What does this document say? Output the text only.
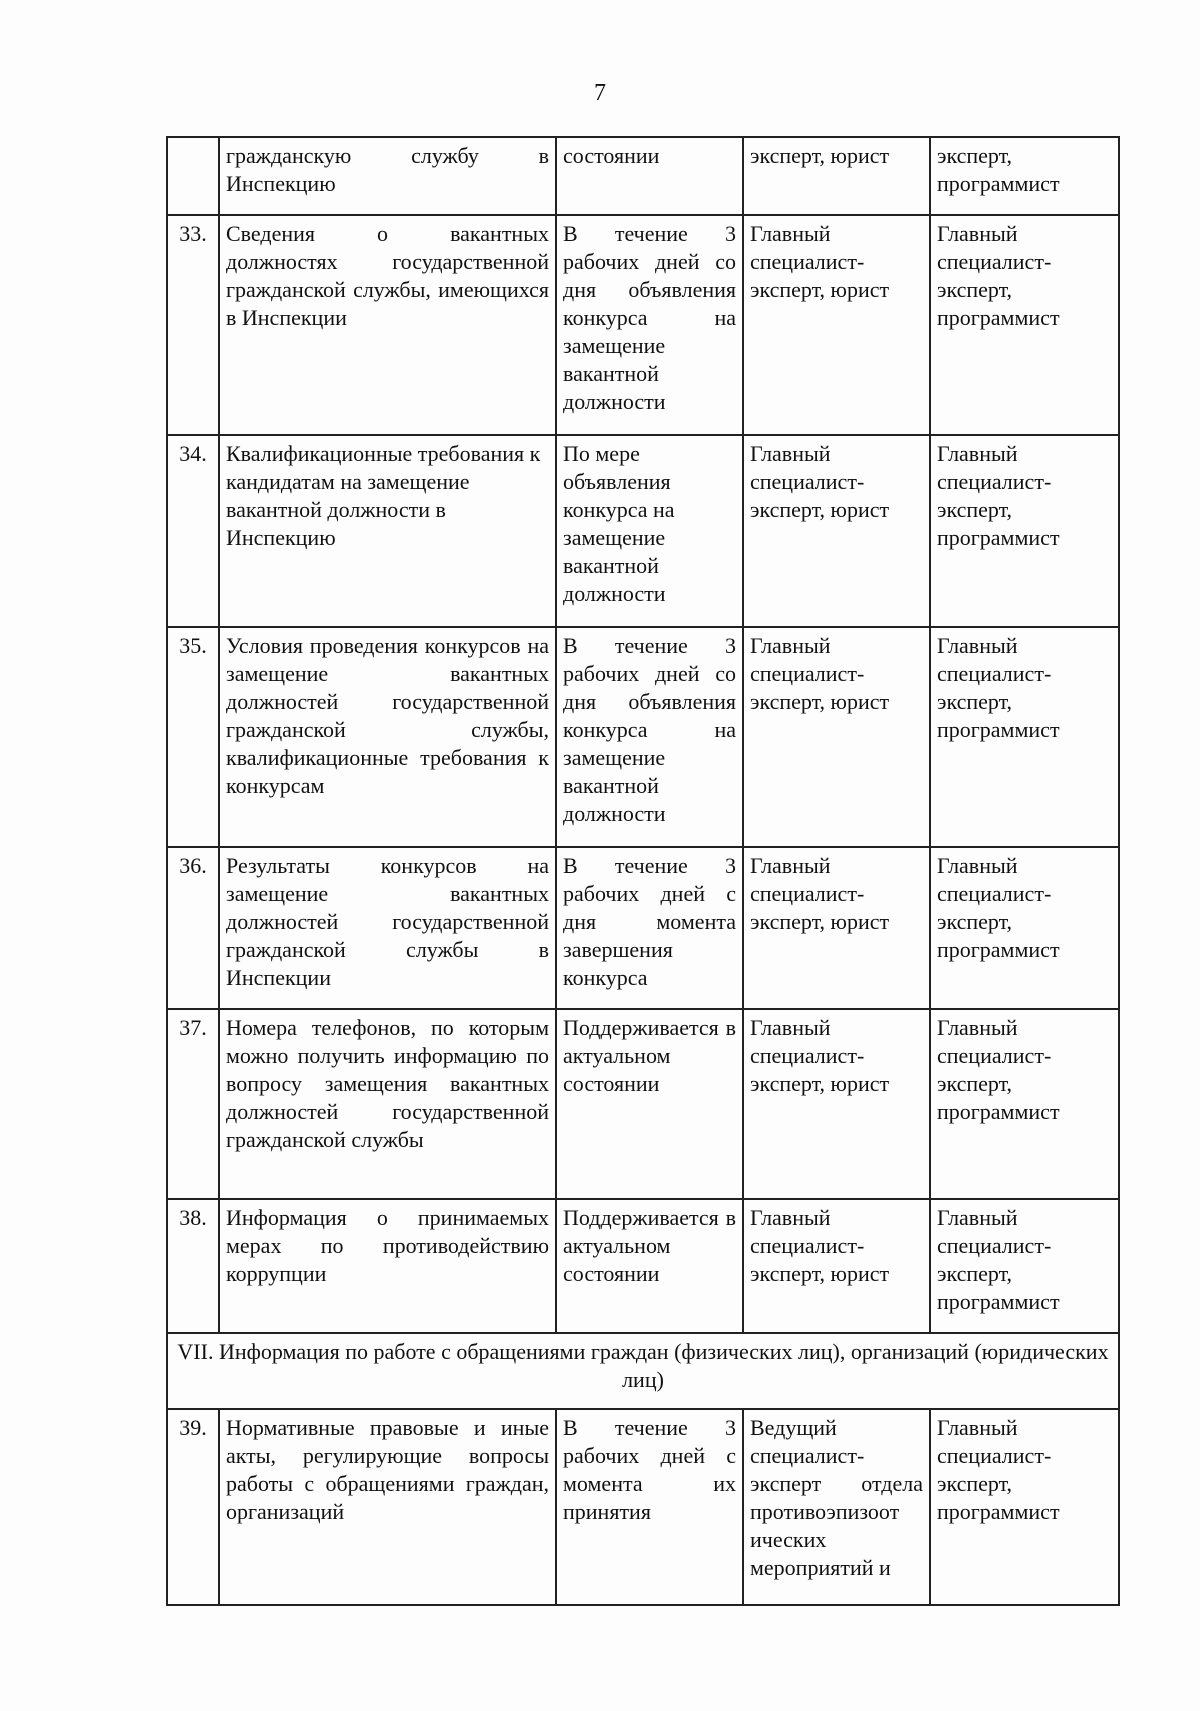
7
	гражданскую службу в Инспекцию	состоянии	эксперт, юрист	эксперт, программист
33.	Сведения о вакантных должностях государственной гражданской службы, имеющихся в Инспекции	В течение 3 рабочих дней со дня объявления конкурса на замещение вакантной должности	Главный специалист-эксперт, юрист	Главный специалист-эксперт, программист
34.	Квалификационные требования к кандидатам на замещение вакантной должности в Инспекцию	По мере объявления конкурса на замещение вакантной должности	Главный специалист-эксперт, юрист	Главный специалист-эксперт, программист
35.	Условия проведения конкурсов на замещение вакантных должностей государственной гражданской службы, квалификационные требования к конкурсам	В течение 3 рабочих дней со дня объявления конкурса на замещение вакантной должности	Главный специалист-эксперт, юрист	Главный специалист-эксперт, программист
36.	Результаты конкурсов на замещение вакантных должностей государственной гражданской службы в Инспекции	В течение 3 рабочих дней с дня момента завершения конкурса	Главный специалист-эксперт, юрист	Главный специалист-эксперт, программист
37.	Номера телефонов, по которым можно получить информацию по вопросу замещения вакантных должностей государственной гражданской службы	Поддерживается в актуальном состоянии	Главный специалист-эксперт, юрист	Главный специалист-эксперт, программист
38.	Информация о принимаемых мерах по противодействию коррупции	Поддерживается в актуальном состоянии	Главный специалист-эксперт, юрист	Главный специалист-эксперт, программист
VII. Информация по работе с обращениями граждан (физических лиц), организаций (юридических лиц)				
39.	Нормативные правовые и иные акты, регулирующие вопросы работы с обращениями граждан, организаций	В течение 3 рабочих дней с момента их принятия	Ведущий специалист-эксперт отдела противоэпизоот ических мероприятий и	Главный специалист-эксперт, программист
